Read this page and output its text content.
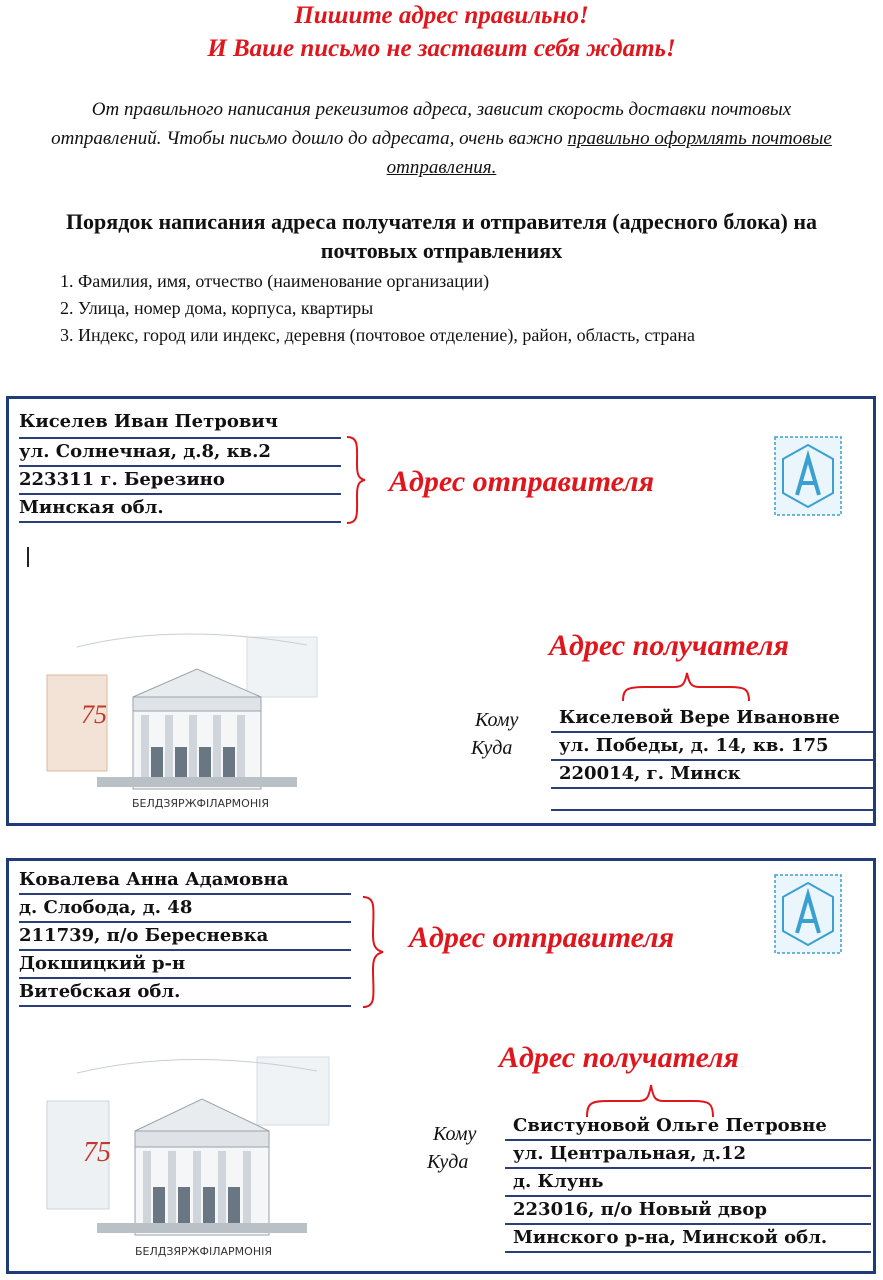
Пишите адрес правильно!
И Ваше письмо не заставит себя ждать!
От правильного написания рекеизитов адреса, зависит скорость доставки почтовых отправлений. Чтобы письмо дошло до адресата, очень важно правильно оформлять почтовые отправления.
Порядок написания адреса получателя и отправителя (адресного блока) на почтовых отправлениях
1. Фамилия, имя, отчество (наименование организации)
2. Улица, номер дома, корпуса, квартиры
3. Индекс, город или индекс, деревня (почтовое отделение), район, область, страна
Киселев Иван Петрович
ул. Солнечная, д.8, кв.2
223311 г. Березино
Минская обл.
Адрес отправителя
75
БЕЛДЗЯРЖФІЛАРМОНІЯ
Адрес получателя
Кому
Куда
Киселевой Вере Ивановне
ул. Победы, д. 14, кв. 175
220014, г. Минск
Ковалева Анна Адамовна
д. Слобода, д. 48
211739, п/о Бересневка
Докшицкий р-н
Витебская обл.
Адрес отправителя
75
БЕЛДЗЯРЖФІЛАРМОНІЯ
Адрес получателя
Кому
Куда
Свистуновой Ольге Петровне
ул. Центральная, д.12
д. Клунь
223016, п/о Новый двор
Минского р-на, Минской обл.
